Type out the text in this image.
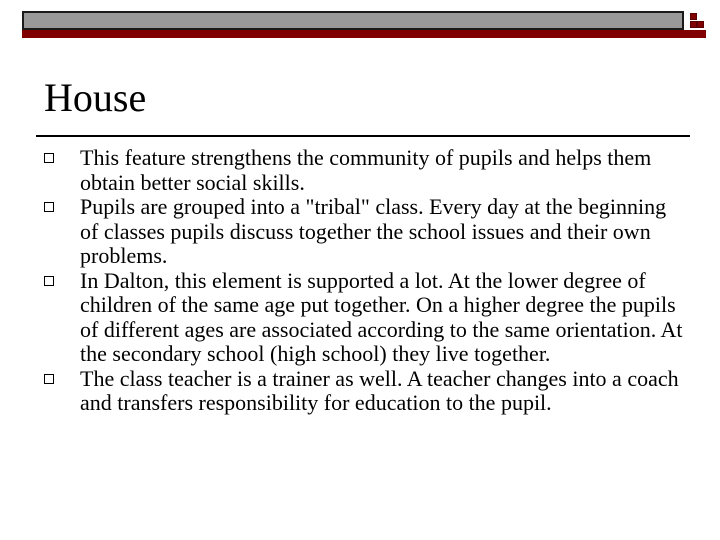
House
This feature strengthens the community of pupils and helps them obtain better social skills.
Pupils are grouped into a "tribal" class. Every day at the beginning of classes pupils discuss together the school issues and their own problems.
In Dalton, this element is supported a lot. At the lower degree of children of the same age put together. On a higher degree the pupils of different ages are associated according to the same orientation. At the secondary school (high school) they live together.
The class teacher is a trainer as well. A teacher changes into a coach and transfers responsibility for education to the pupil.
